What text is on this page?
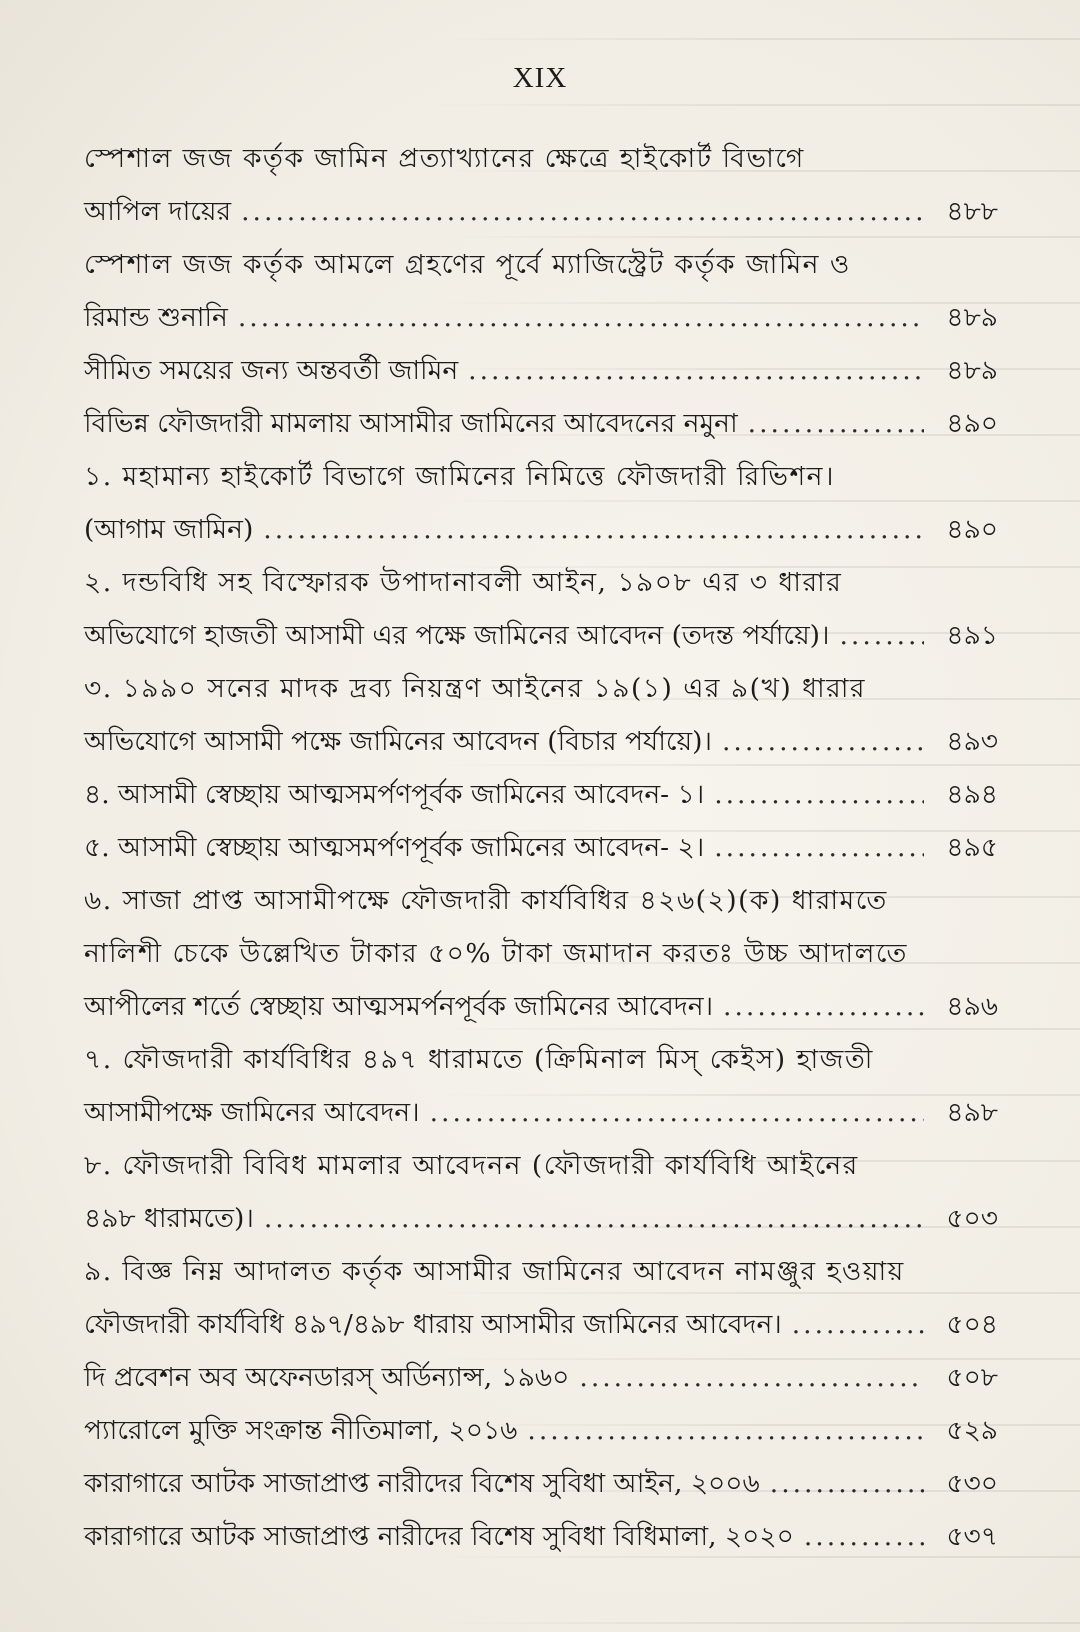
XIX
স্পেশাল জজ কর্তৃক জামিন প্রত্যাখ্যানের ক্ষেত্রে হাইকোর্ট বিভাগে
আপিল দায়ের .....	৪৮৮
স্পেশাল জজ কর্তৃক আমলে গ্রহণের পূর্বে ম্যাজিস্ট্রেট কর্তৃক জামিন ও
রিমান্ড শুনানি .....	৪৮৯
সীমিত সময়ের জন্য অন্তবর্তী জামিন .....	৪৮৯
বিভিন্ন ফৌজদারী মামলায় আসামীর জামিনের আবেদনের নমুনা .....	৪৯০
১. মহামান্য হাইকোর্ট বিভাগে জামিনের নিমিত্তে ফৌজদারী রিভিশন।
(আগাম জামিন) .....	৪৯০
২. দন্ডবিধি সহ বিস্ফোরক উপাদানাবলী আইন, ১৯০৮ এর ৩ ধারার
অভিযোগে হাজতী আসামী এর পক্ষে জামিনের আবেদন (তদন্ত পর্যায়ে)। .....	৪৯১
৩. ১৯৯০ সনের মাদক দ্রব্য নিয়ন্ত্রণ আইনের ১৯(১) এর ৯(খ) ধারার
অভিযোগে আসামী পক্ষে জামিনের আবেদন (বিচার পর্যায়ে)। .....	৪৯৩
৪. আসামী স্বেচ্ছায় আত্মসমর্পণপূর্বক জামিনের আবেদন- ১। .....	৪৯৪
৫. আসামী স্বেচ্ছায় আত্মসমর্পণপূর্বক জামিনের আবেদন- ২। .....	৪৯৫
৬. সাজা প্রাপ্ত আসামীপক্ষে ফৌজদারী কার্যবিধির ৪২৬(২)(ক) ধারামতে
নালিশী চেকে উল্লেখিত টাকার ৫০% টাকা জমাদান করতঃ উচ্চ আদালতে
আপীলের শর্তে স্বেচ্ছায় আত্মসমর্পনপূর্বক জামিনের আবেদন। .....	৪৯৬
৭. ফৌজদারী কার্যবিধির ৪৯৭ ধারামতে (ক্রিমিনাল মিস্ কেইস) হাজতী
আসামীপক্ষে জামিনের আবেদন। .....	৪৯৮
৮. ফৌজদারী বিবিধ মামলার আবেদনন (ফৌজদারী কার্যবিধি আইনের
৪৯৮ ধারামতে)। .....	৫০৩
৯. বিজ্ঞ নিম্ন আদালত কর্তৃক আসামীর জামিনের আবেদন নামঞ্জুর হওয়ায়
ফৌজদারী কার্যবিধি ৪৯৭/৪৯৮ ধারায় আসামীর জামিনের আবেদন। .....	৫০৪
দি প্রবেশন অব অফেনডারস্ অর্ডিন্যান্স, ১৯৬০ .....	৫০৮
প্যারোলে মুক্তি সংক্রান্ত নীতিমালা, ২০১৬ .....	৫২৯
কারাগারে আটক সাজাপ্রাপ্ত নারীদের বিশেষ সুবিধা আইন, ২০০৬ .....	৫৩০
কারাগারে আটক সাজাপ্রাপ্ত নারীদের বিশেষ সুবিধা বিধিমালা, ২০২০ .....	৫৩৭
